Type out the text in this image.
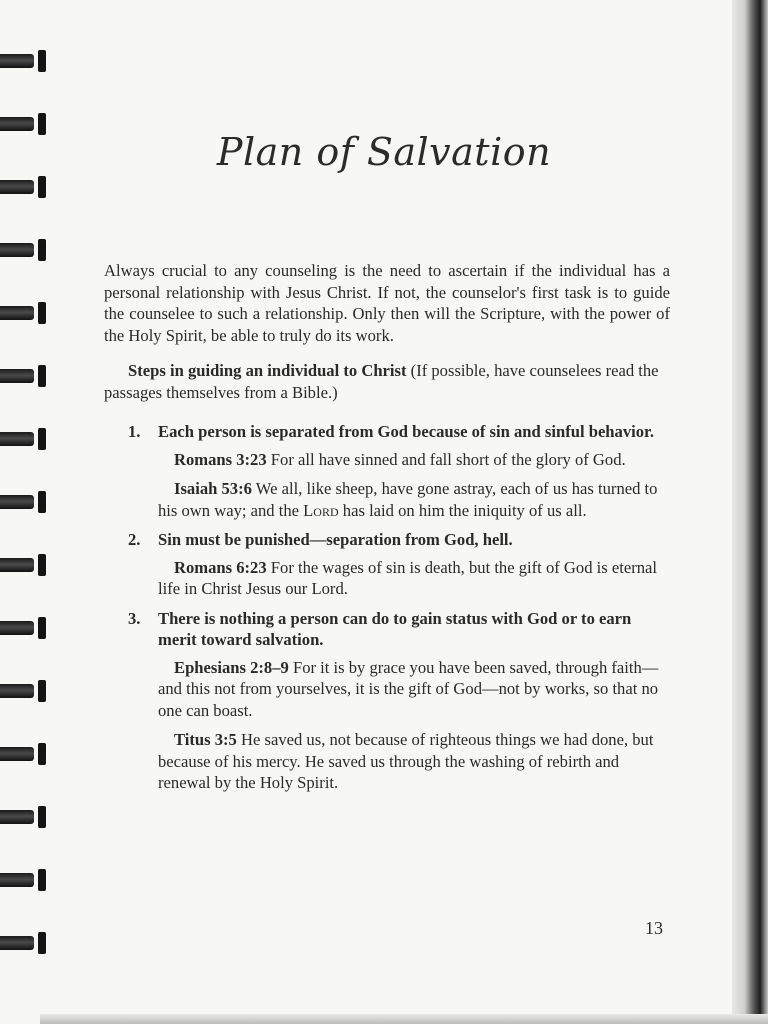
Plan of Salvation

Always crucial to any counseling is the need to ascertain if the individual has a personal relationship with Jesus Christ. If not, the counselor's first task is to guide the counselee to such a relationship. Only then will the Scripture, with the power of the Holy Spirit, be able to truly do its work.

Steps in guiding an individual to Christ (If possible, have counselees read the passages themselves from a Bible.)

1. Each person is separated from God because of sin and sinful behavior.

Romans 3:23 For all have sinned and fall short of the glory of God.

Isaiah 53:6 We all, like sheep, have gone astray, each of us has turned to his own way; and the Lord has laid on him the iniquity of us all.

2. Sin must be punished—separation from God, hell.

Romans 6:23 For the wages of sin is death, but the gift of God is eternal life in Christ Jesus our Lord.

3. There is nothing a person can do to gain status with God or to earn merit toward salvation.

Ephesians 2:8–9 For it is by grace you have been saved, through faith—and this not from yourselves, it is the gift of God—not by works, so that no one can boast.

Titus 3:5 He saved us, not because of righteous things we had done, but because of his mercy. He saved us through the washing of rebirth and renewal by the Holy Spirit.

13
